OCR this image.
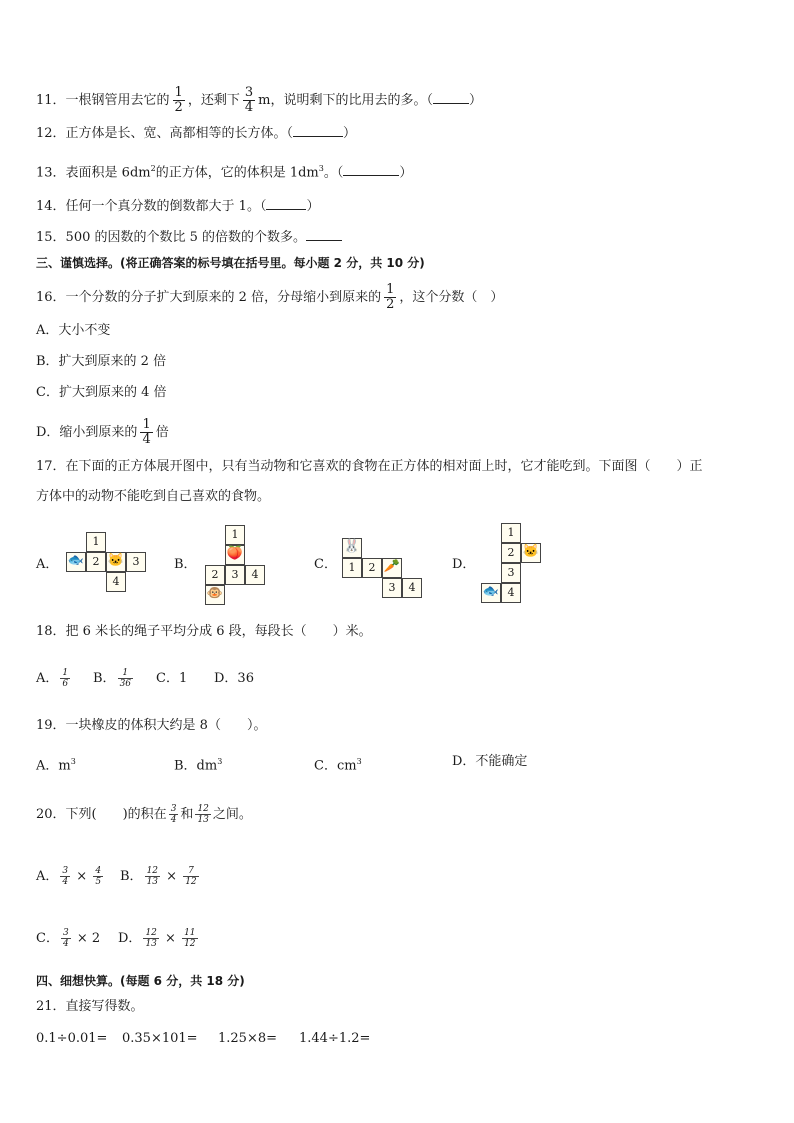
11．一根钢管用去它的 $\frac{1}{2}$ ，还剩下 $\frac{3}{4}$ m，说明剩下的比用去的多。（	）
12．正方体是长、宽、高都相等的长方体。（	）
13．表面积是 $6dm^2$的正方体，它的体积是 $1dm^3$。（	）
14．任何一个真分数的倒数都大于 1。（	）
15．500 的因数的个数比 5 的倍数的个数多。
三、谨慎选择。(将正确答案的标号填在括号里。每小题 2 分，共 10 分)
16．一个分数的分子扩大到原来的 2 倍，分母缩小到原来的 $\frac{1}{2}$ ，这个分数（　）
A．大小不变
B．扩大到原来的 2 倍
C．扩大到原来的 4 倍
D．缩小到原来的 $\frac{1}{4}$ 倍
17．在下面的正方体展开图中，只有当动物和它喜欢的食物在正方体的相对面上时，它才能吃到。下面图（　　）正
方体中的动物不能吃到自己喜欢的食物。
A．
1
🐟 2 🐱 3
4
B．
1
🍑
2	3	4
🐵
C．
🐰
1	2 🥕
3	4
D．
1
2 🐱
3
🐟 4
18．把 6 米长的绳子平均分成 6 段，每段长（　　）米。
A． $\frac{1}{6}$ B． $\frac{1}{36}$ C．1 D．36
19．一块橡皮的体积大约是 8（　　）。
A．$m^3$	B．$dm^3$	C．$cm^3$	D．不能确定
20．下列(　　)的积在 $\frac{3}{4}$ 和 $\frac{12}{13}$ 之间。
A． $\frac{3}{4} \times \frac{4}{5}$ B． $\frac{12}{13} \times \frac{7}{12}$
C． $\frac{3}{4} \times 2$ D． $\frac{12}{13} \times \frac{11}{12}$
四、细想快算。(每题 6 分，共 18 分)
21．直接写得数。
0.1÷0.01= 0.35×101= 1.25×8= 1.44÷1.2=
